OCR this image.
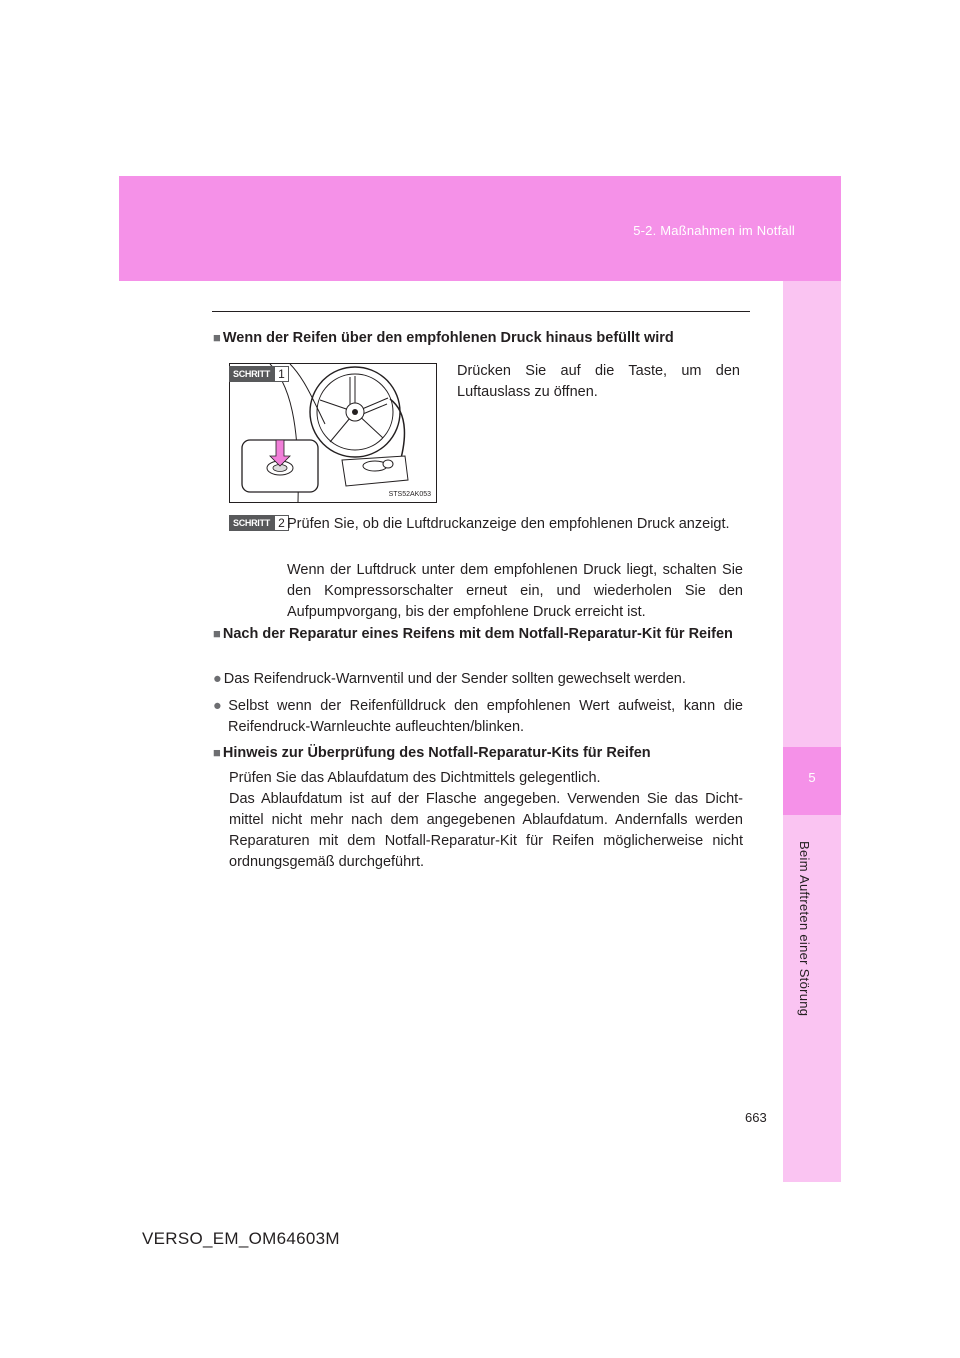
5-2. Maßnahmen im Notfall
5
Beim Auftreten einer Störung
■ Wenn der Reifen über den empfohlenen Druck hinaus befüllt wird
STS52AK053
SCHRITT 1	Drücken Sie auf die Taste, um den Luftauslass zu öffnen.
SCHRITT 2 Prüfen Sie, ob die Luftdruckanzeige den empfohlenen Druck anzeigt.
Wenn der Luftdruck unter dem empfohlenen Druck liegt, schalten Sie den Kompressorschalter erneut ein, und wiederholen Sie den Aufpumpvorgang, bis der empfohlene Druck erreicht ist.
■ Nach der Reparatur eines Reifens mit dem Notfall-Reparatur-Kit für Reifen
● Das Reifendruck-Warnventil und der Sender sollten gewechselt werden.
● Selbst wenn der Reifenfülldruck den empfohlenen Wert aufweist, kann die Reifendruck-Warnleuchte aufleuchten/blinken.
■ Hinweis zur Überprüfung des Notfall-Reparatur-Kits für Reifen
Prüfen Sie das Ablaufdatum des Dichtmittels gelegentlich.
Das Ablaufdatum ist auf der Flasche angegeben. Verwenden Sie das Dicht-mittel nicht mehr nach dem angegebenen Ablaufdatum. Andernfalls werden Reparaturen mit dem Notfall-Reparatur-Kit für Reifen möglicherweise nicht ordnungsgemäß durchgeführt.
663
VERSO_EM_OM64603M
